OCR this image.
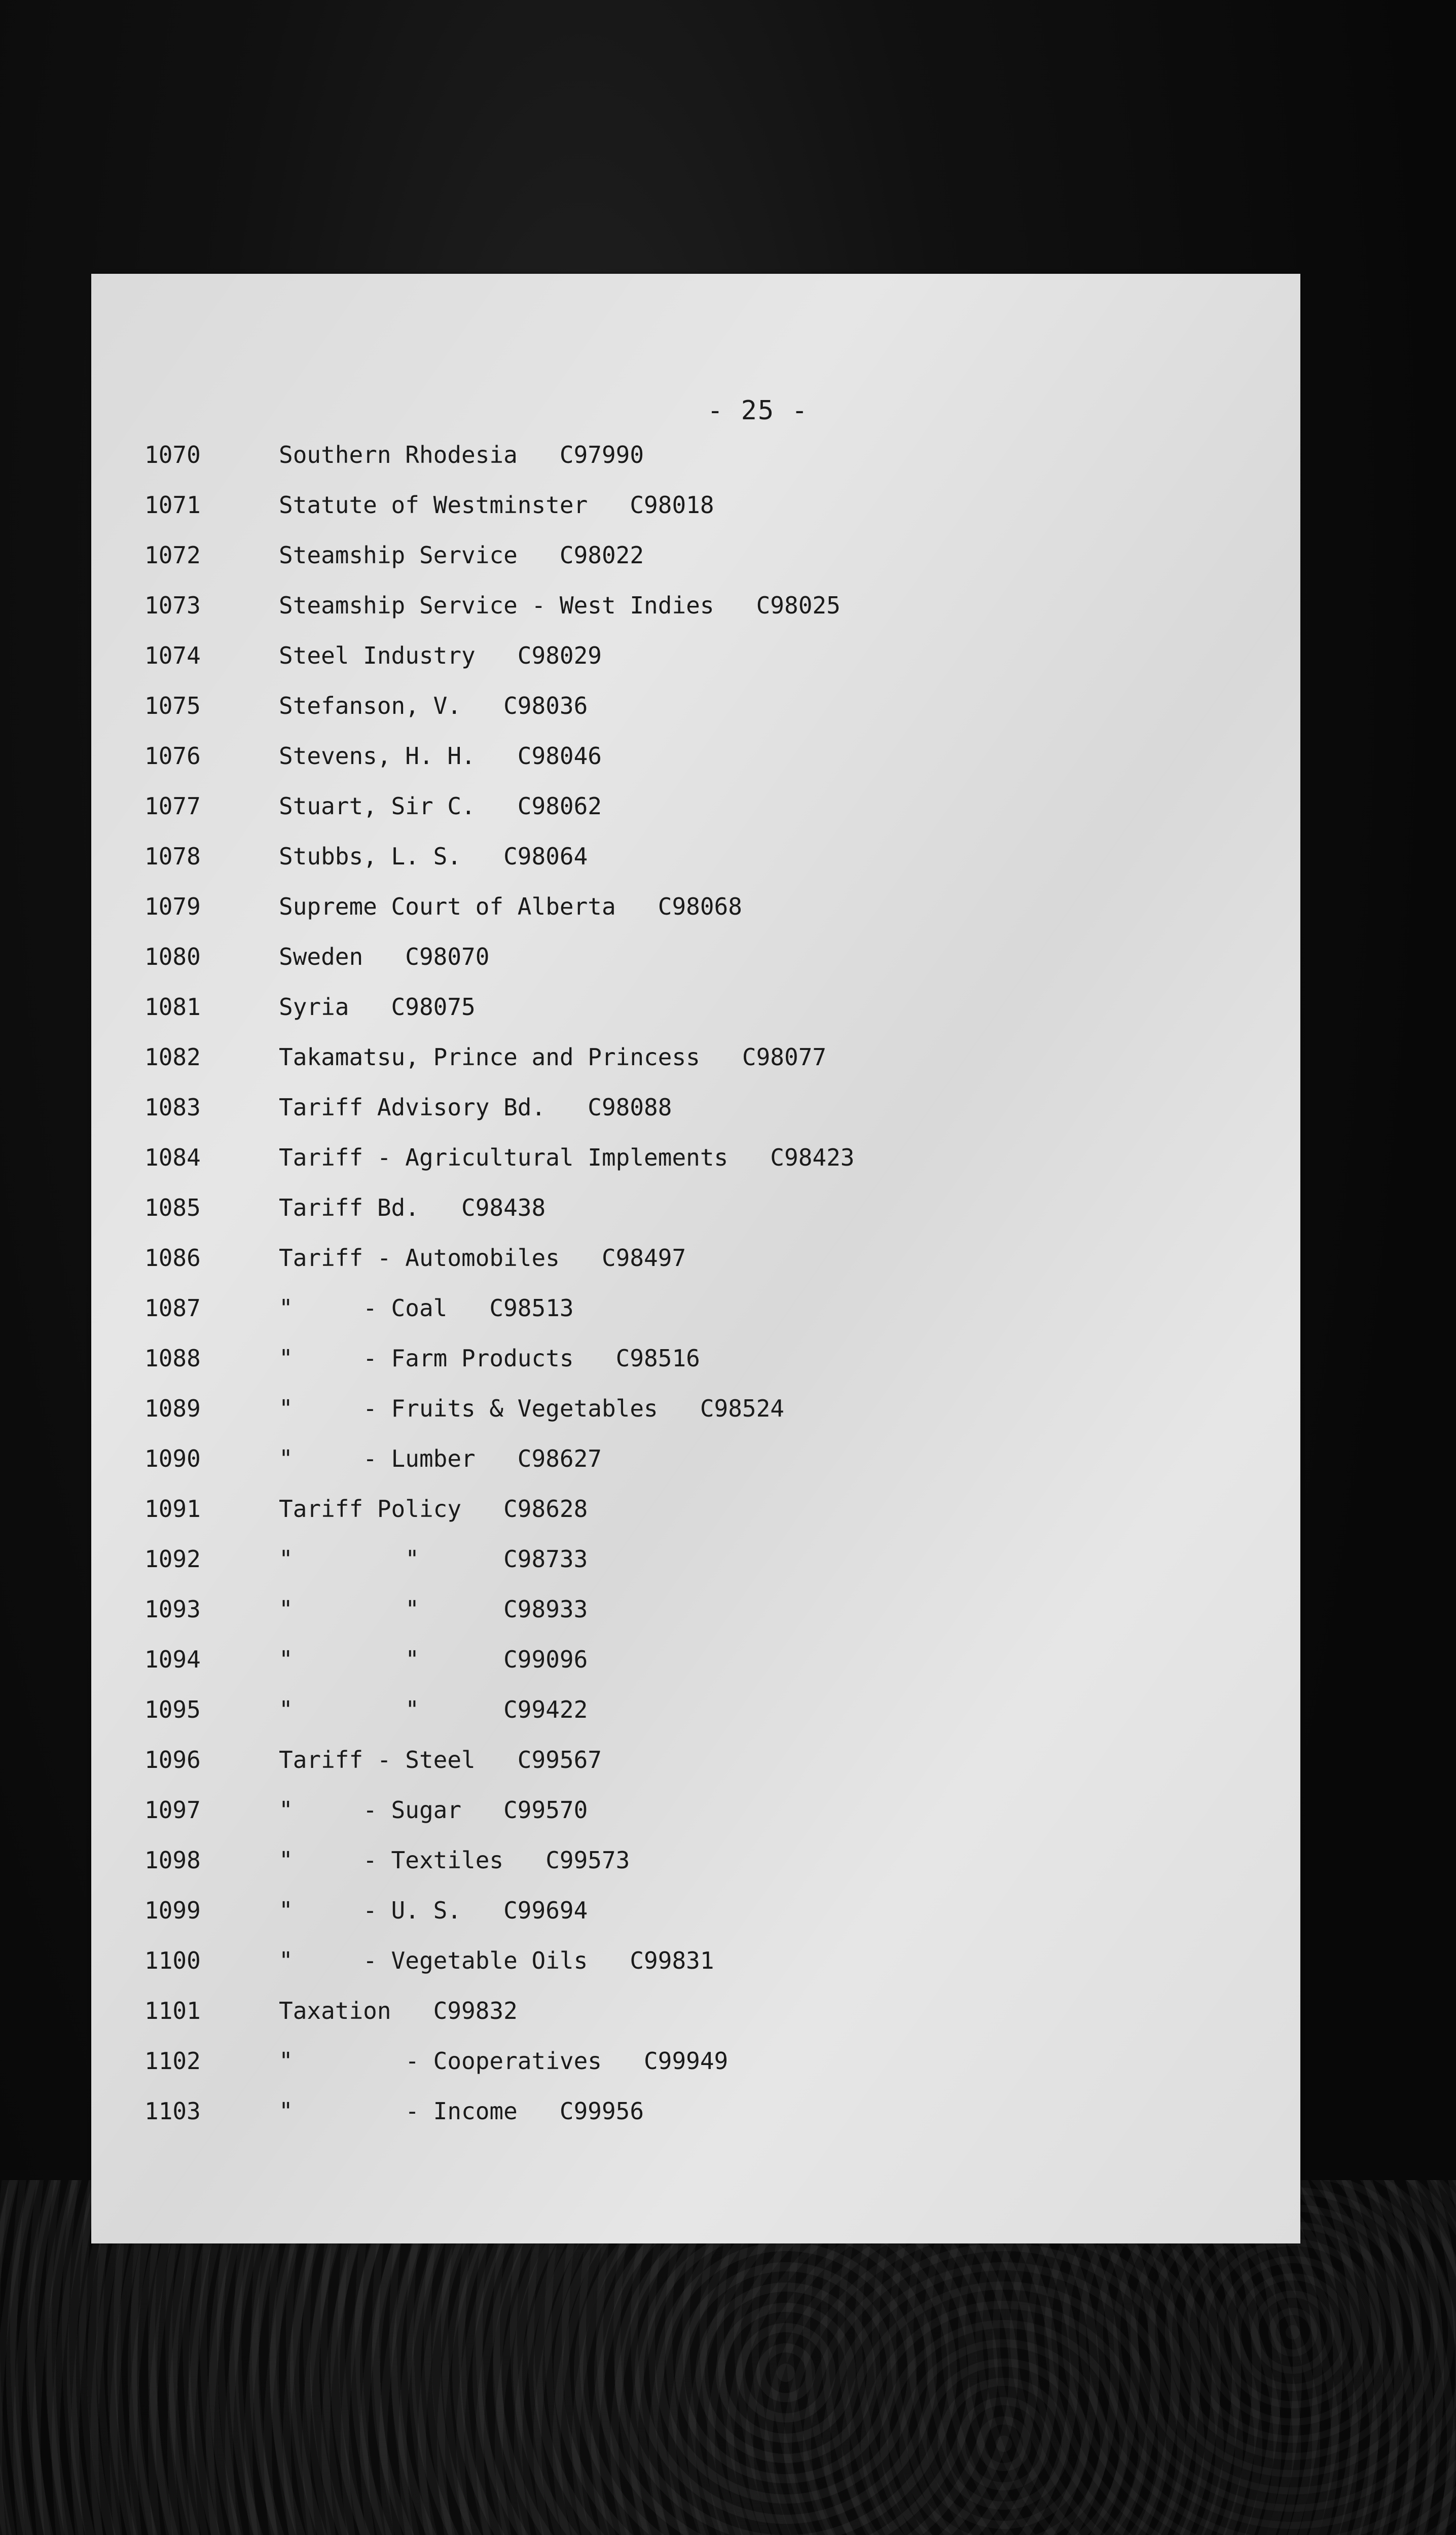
- 25 -
1070	Southern Rhodesia   C97990
1071	Statute of Westminster   C98018
1072	Steamship Service   C98022
1073	Steamship Service - West Indies   C98025
1074	Steel Industry   C98029
1075	Stefanson, V.   C98036
1076	Stevens, H. H.   C98046
1077	Stuart, Sir C.   C98062
1078	Stubbs, L. S.   C98064
1079	Supreme Court of Alberta   C98068
1080	Sweden   C98070
1081	Syria   C98075
1082	Takamatsu, Prince and Princess   C98077
1083	Tariff Advisory Bd.   C98088
1084	Tariff - Agricultural Implements   C98423
1085	Tariff Bd.   C98438
1086	Tariff - Automobiles   C98497
1087	"     - Coal   C98513
1088	"     - Farm Products   C98516
1089	"     - Fruits & Vegetables   C98524
1090	"     - Lumber   C98627
1091	Tariff Policy   C98628
1092	"        "      C98733
1093	"        "      C98933
1094	"        "      C99096
1095	"        "      C99422
1096	Tariff - Steel   C99567
1097	"     - Sugar   C99570
1098	"     - Textiles   C99573
1099	"     - U. S.   C99694
1100	"     - Vegetable Oils   C99831
1101	Taxation   C99832
1102	"        - Cooperatives   C99949
1103	"        - Income   C99956
